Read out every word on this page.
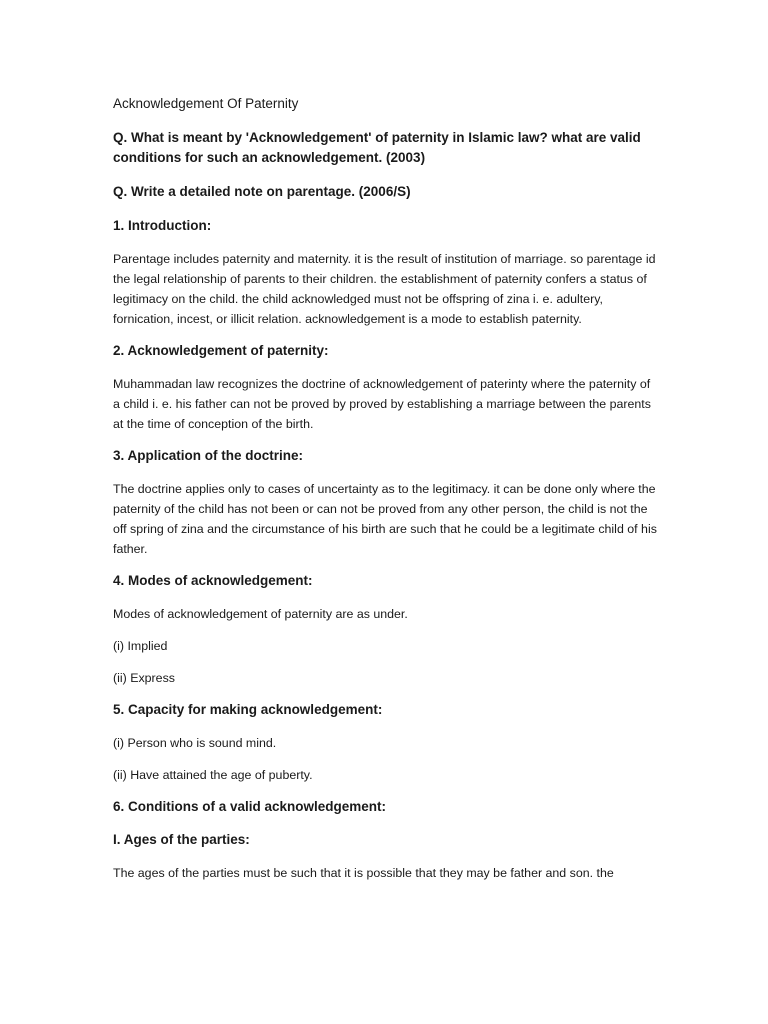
Acknowledgement Of Paternity
Q. What is meant by 'Acknowledgement' of paternity in Islamic law? what are valid conditions for such an acknowledgement. (2003)
Q. Write a detailed note on parentage. (2006/S)
1. Introduction:
Parentage includes paternity and maternity. it is the result of institution of marriage. so parentage id the legal relationship of parents to their children. the establishment of paternity confers a status of legitimacy on the child. the child acknowledged must not be offspring of zina i. e. adultery, fornication, incest, or illicit relation. acknowledgement is a mode to establish paternity.
2. Acknowledgement of paternity:
Muhammadan law recognizes the doctrine of acknowledgement of paterinty where the paternity of a child i. e. his father can not be proved by proved by establishing a marriage between the parents at the time of conception of the birth.
3. Application of the doctrine:
The doctrine applies only to cases of uncertainty as to the legitimacy. it can be done only where the paternity of the child has not been or can not be proved from any other person, the child is not the off spring of zina and the circumstance of his birth are such that he could be a legitimate child of his father.
4. Modes of acknowledgement:
Modes of acknowledgement of paternity are as under.
(i) Implied
(ii) Express
5. Capacity for making acknowledgement:
(i) Person who is sound mind.
(ii) Have attained the age of puberty.
6. Conditions of a valid acknowledgement:
I. Ages of the parties:
The ages of the parties must be such that it is possible that they may be father and son. the
